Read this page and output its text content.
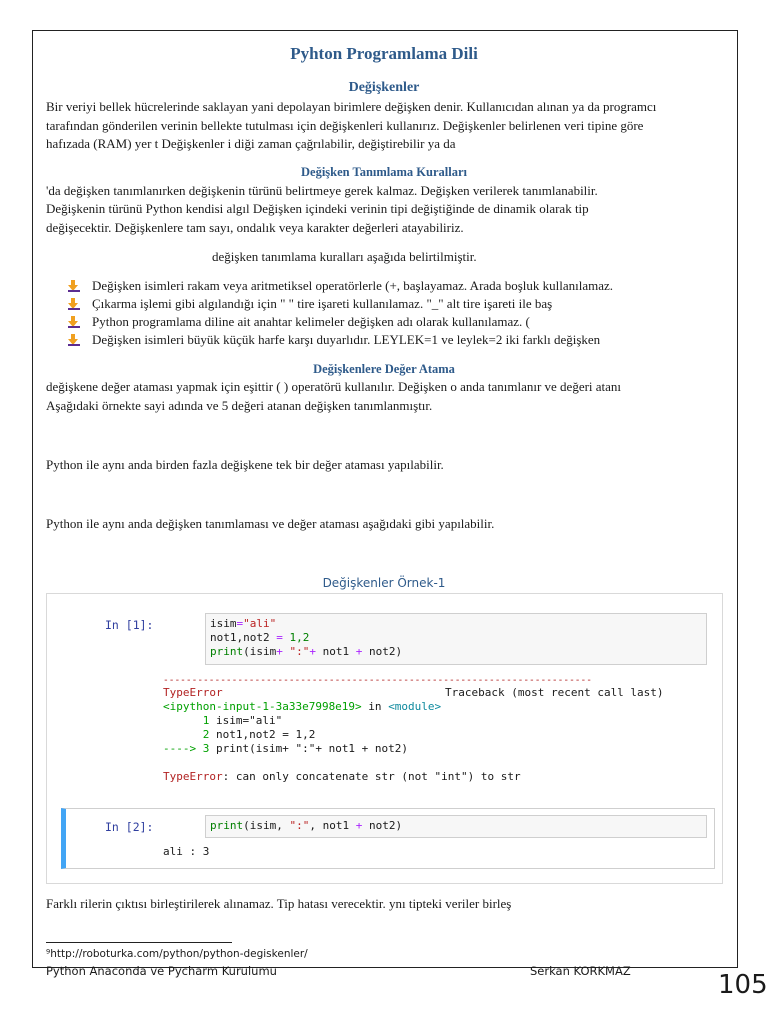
Pyhton Programlama Dili
Değişkenler
Bir veriyi bellek hücrelerinde saklayan yani depolayan birimlere değişken denir. Kullanıcıdan alınan ya da programcı
tarafından gönderilen verinin bellekte tutulması için değişkenleri kullanırız. Değişkenler belirlenen veri tipine göre
hafızada (RAM) yer t Değişkenler i diği zaman çağrılabilir, değiştirebilir ya da
Değişken Tanımlama Kuralları
'da değişken tanımlanırken değişkenin türünü belirtmeye gerek kalmaz. Değişken verilerek tanımlanabilir.
Değişkenin türünü Python kendisi algıl Değişken içindeki verinin tipi değiştiğinde de dinamik olarak tip
değişecektir. Değişkenlere tam sayı, ondalık veya karakter değerleri atayabiliriz.
değişken tanımlama kuralları aşağıda belirtilmiştir.
Değişken isimleri rakam veya aritmetiksel operatörlerle (+, başlayamaz. Arada boşluk kullanılamaz.
Çıkarma işlemi gibi algılandığı için " " tire işareti kullanılamaz. "_" alt tire işareti ile baş
Python programlama diline ait anahtar kelimeler değişken adı olarak kullanılamaz. (
Değişken isimleri büyük küçük harfe karşı duyarlıdır. LEYLEK=1 ve leylek=2 iki farklı değişken
Değişkenlere Değer Atama
değişkene değer ataması yapmak için eşittir ( ) operatörü kullanılır. Değişken o anda tanımlanır ve değeri atanı
Aşağıdaki örnekte sayi adında ve 5 değeri atanan değişken tanımlanmıştır.
Python ile aynı anda birden fazla değişkene tek bir değer ataması yapılabilir.
Python ile aynı anda değişken tanımlaması ve değer ataması aşağıdaki gibi yapılabilir.
Değişkenler Örnek-1
In [1]:	isim="ali"
not1,not2 = 1,2
print(isim+ ":"+ not1 + not2)
---------------------------------------------------------------------------
TypeError	Traceback (most recent call last)
<ipython-input-1-3a33e7998e19> in <module>
1 isim="ali"
2 not1,not2 = 1,2
----> 3 print(isim+ ":"+ not1 + not2)
TypeError: can only concatenate str (not "int") to str
In [2]:	print(isim, ":", not1 + not2)
ali : 3
Farklı rilerin çıktısı birleştirilerek alınamaz. Tip hatası verecektir. ynı tipteki veriler birleş
⁹http://roboturka.com/python/python-degiskenler/
Python Anaconda ve Pycharm Kurulumu	Serkan KORKMAZ	105
